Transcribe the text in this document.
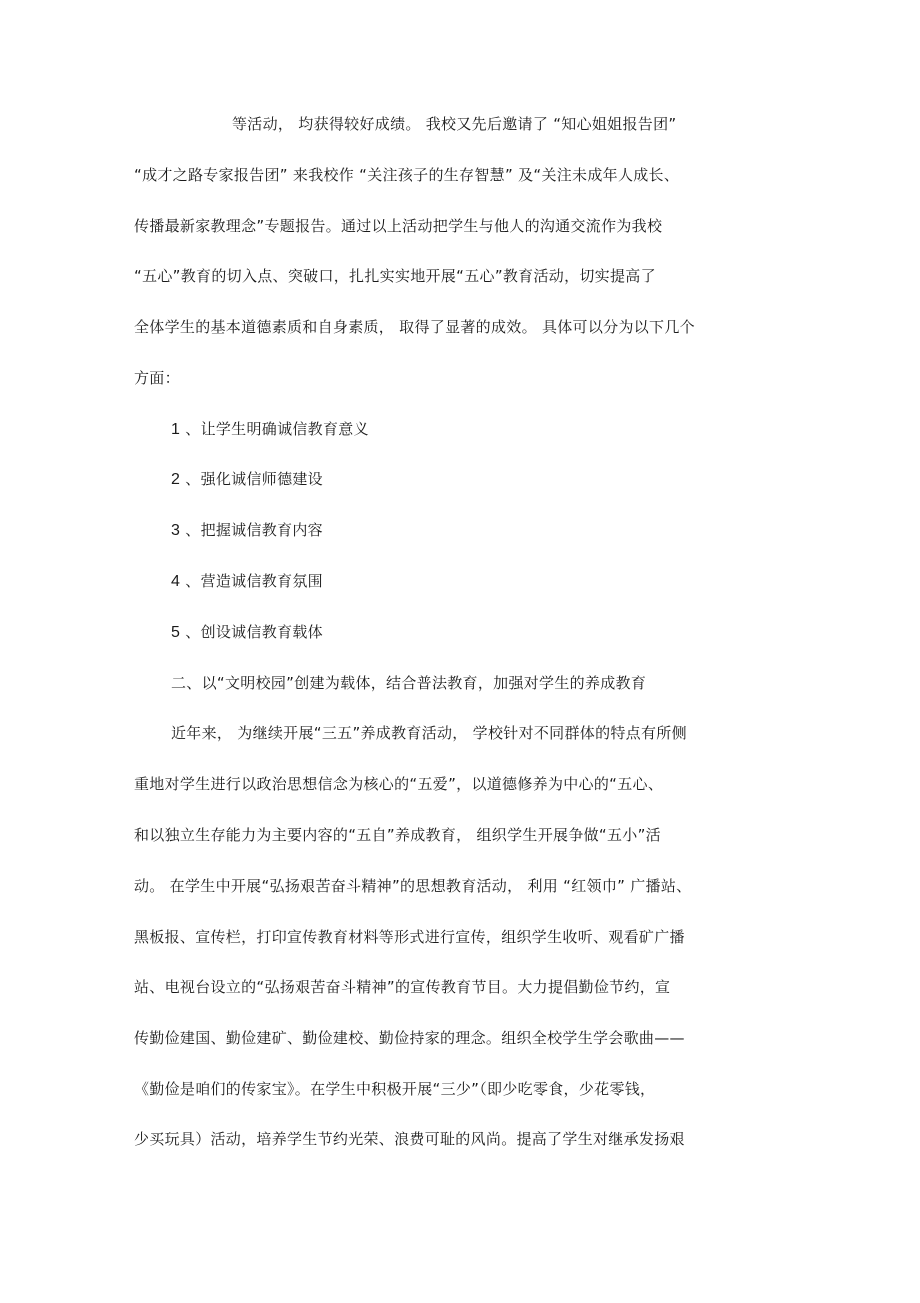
等活动， 均获得较好成绩。 我校又先后邀请了 “知心姐姐报告团”
“成才之路专家报告团” 来我校作 “关注孩子的生存智慧” 及“关注未成年人成长、
传播最新家教理念”专题报告。通过以上活动把学生与他人的沟通交流作为我校
“五心”教育的切入点、突破口，扎扎实实地开展“五心”教育活动，切实提高了
全体学生的基本道德素质和自身素质， 取得了显著的成效。 具体可以分为以下几个
方面：
1 、让学生明确诚信教育意义
2 、强化诚信师德建设
3 、把握诚信教育内容
4 、营造诚信教育氛围
5 、创设诚信教育载体
二、以“文明校园”创建为载体，结合普法教育，加强对学生的养成教育
近年来， 为继续开展“三五”养成教育活动， 学校针对不同群体的特点有所侧
重地对学生进行以政治思想信念为核心的“五爱”，以道德修养为中心的“五心、
和以独立生存能力为主要内容的“五自”养成教育， 组织学生开展争做“五小”活
动。 在学生中开展“弘扬艰苦奋斗精神”的思想教育活动， 利用 “红领巾” 广播站、
黑板报、宣传栏，打印宣传教育材料等形式进行宣传，组织学生收听、观看矿广播
站、电视台设立的“弘扬艰苦奋斗精神”的宣传教育节目。大力提倡勤俭节约，宣
传勤俭建国、勤俭建矿、勤俭建校、勤俭持家的理念。组织全校学生学会歌曲——
《勤俭是咱们的传家宝》。在学生中积极开展“三少”（即少吃零食，少花零钱，
少买玩具）活动，培养学生节约光荣、浪费可耻的风尚。提高了学生对继承发扬艰
